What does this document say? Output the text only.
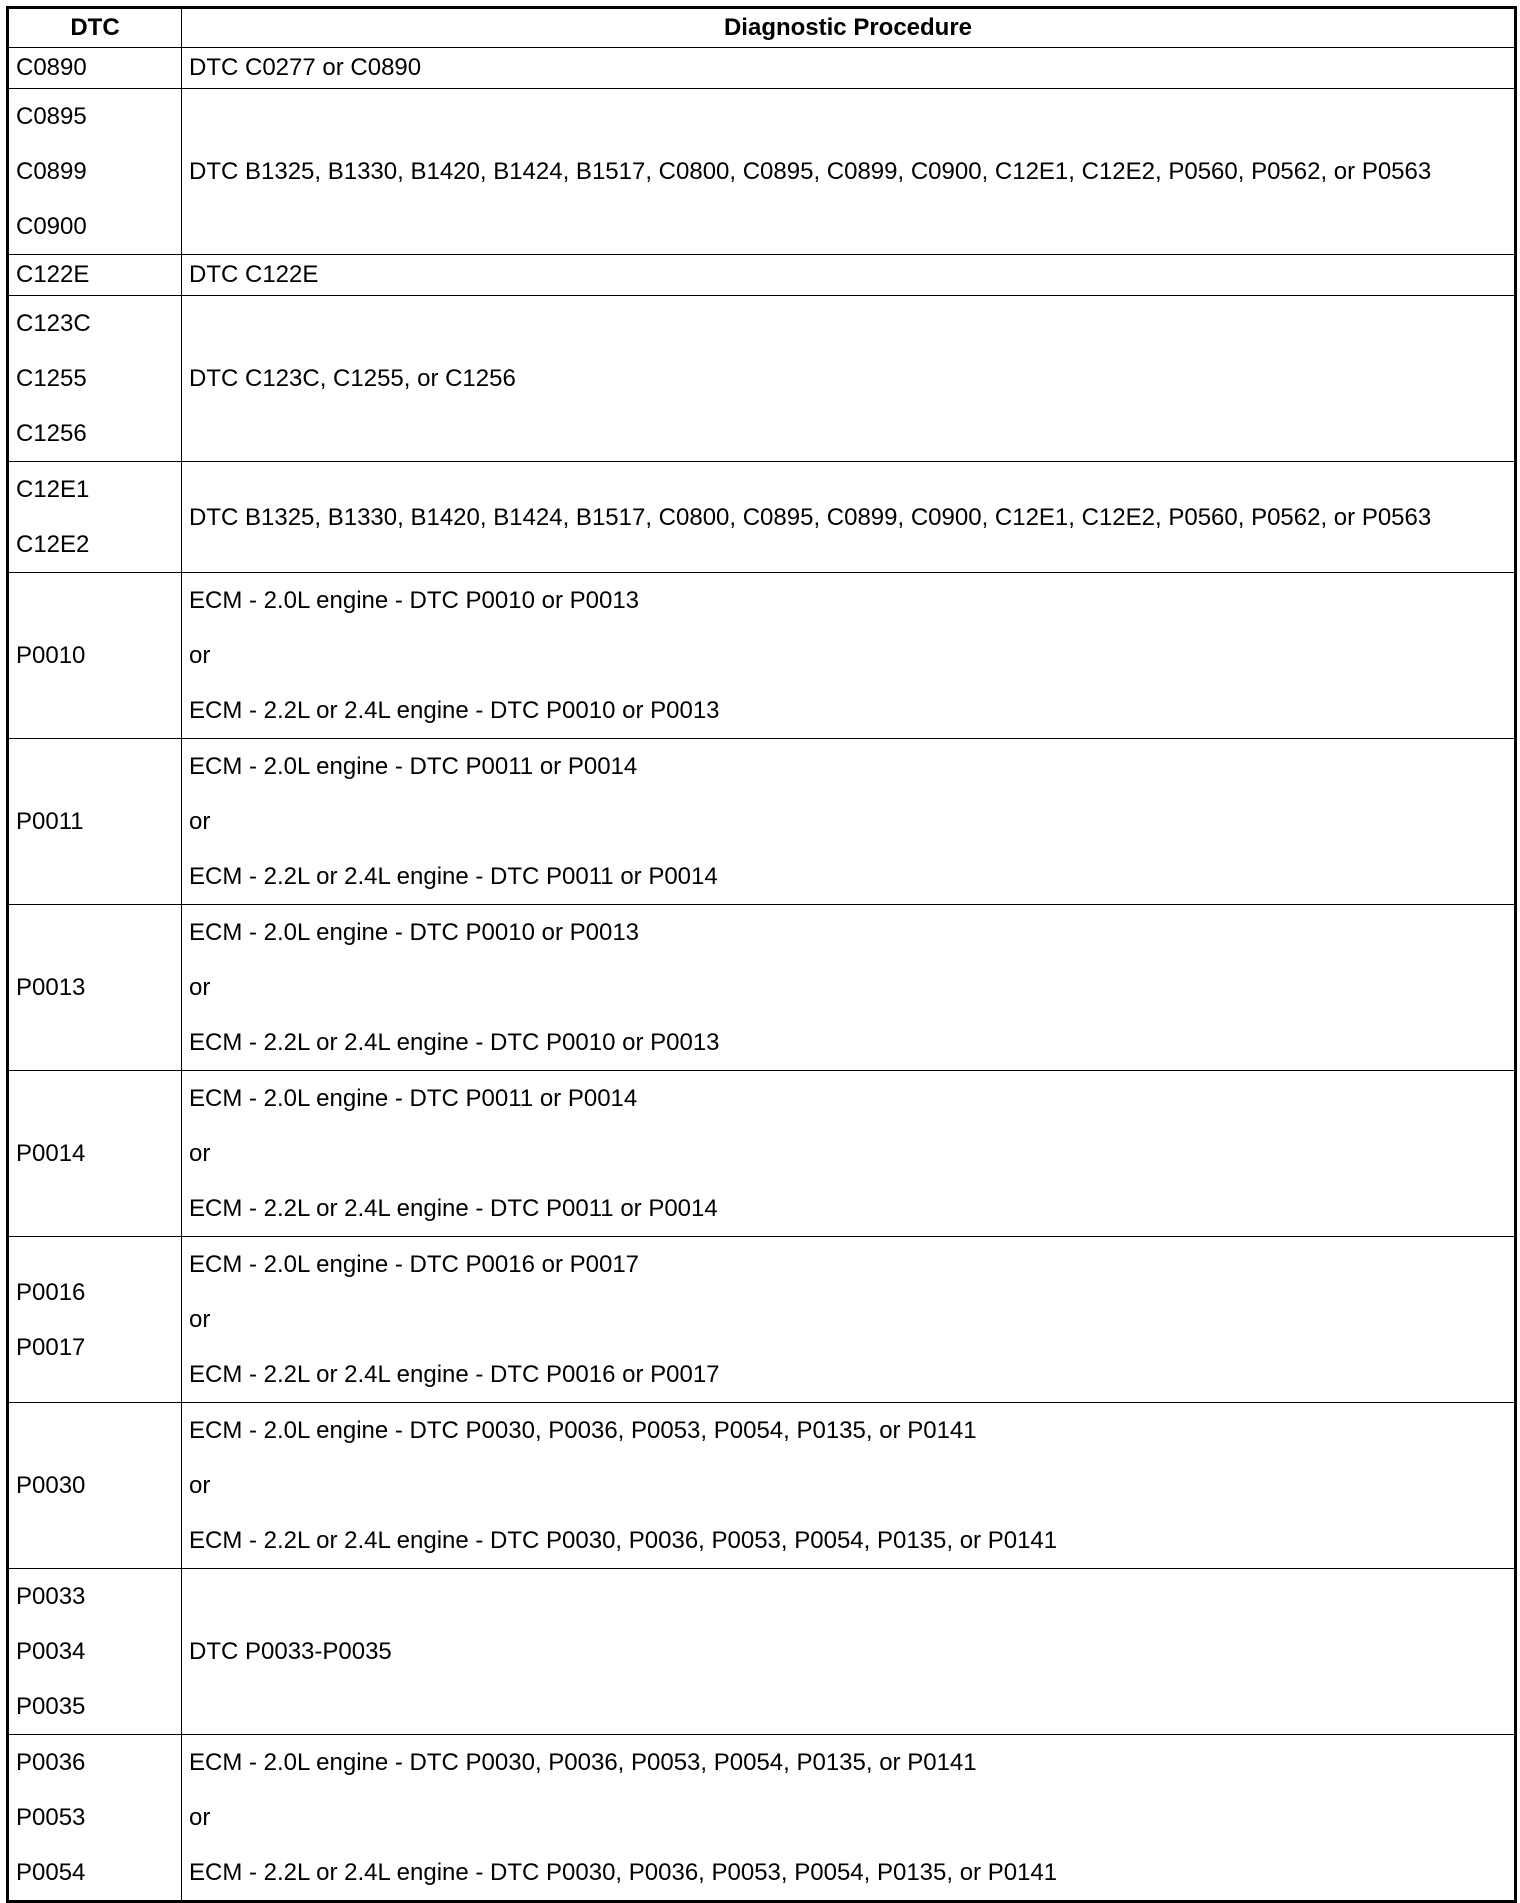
DTC	Diagnostic Procedure

C0890	DTC C0277 or C0890

C0895
C0899
C0900	DTC B1325, B1330, B1420, B1424, B1517, C0800, C0895, C0899, C0900, C12E1, C12E2, P0560, P0562, or P0563

C122E	DTC C122E

C123C
C1255
C1256	DTC C123C, C1255, or C1256

C12E1
C12E2	DTC B1325, B1330, B1420, B1424, B1517, C0800, C0895, C0899, C0900, C12E1, C12E2, P0560, P0562, or P0563

P0010	ECM - 2.0L engine - DTC P0010 or P0013
or
ECM - 2.2L or 2.4L engine - DTC P0010 or P0013

P0011	ECM - 2.0L engine - DTC P0011 or P0014
or
ECM - 2.2L or 2.4L engine - DTC P0011 or P0014

P0013	ECM - 2.0L engine - DTC P0010 or P0013
or
ECM - 2.2L or 2.4L engine - DTC P0010 or P0013

P0014	ECM - 2.0L engine - DTC P0011 or P0014
or
ECM - 2.2L or 2.4L engine - DTC P0011 or P0014

P0016
P0017	ECM - 2.0L engine - DTC P0016 or P0017
or
ECM - 2.2L or 2.4L engine - DTC P0016 or P0017

P0030	ECM - 2.0L engine - DTC P0030, P0036, P0053, P0054, P0135, or P0141
or
ECM - 2.2L or 2.4L engine - DTC P0030, P0036, P0053, P0054, P0135, or P0141

P0033
P0034
P0035	DTC P0033-P0035

P0036
P0053
P0054	ECM - 2.0L engine - DTC P0030, P0036, P0053, P0054, P0135, or P0141
or
ECM - 2.2L or 2.4L engine - DTC P0030, P0036, P0053, P0054, P0135, or P0141
